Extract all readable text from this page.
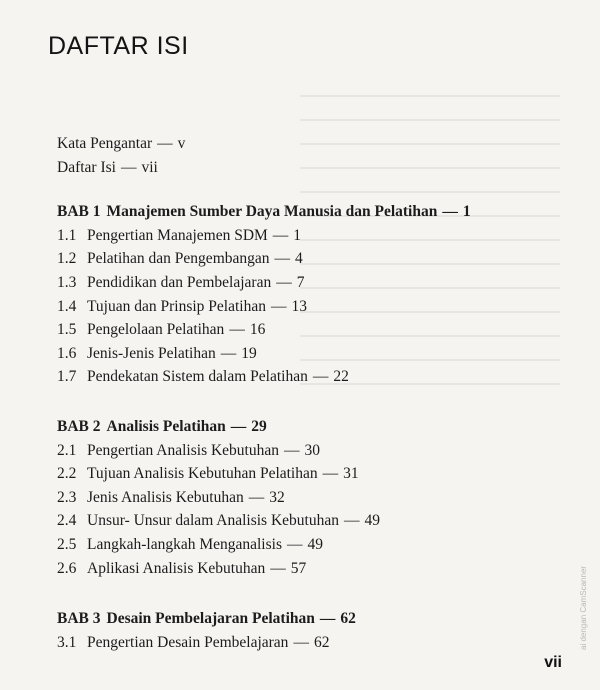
DAFTAR ISI
Kata Pengantar — v
Daftar Isi — vii
BAB 1 Manajemen Sumber Daya Manusia dan Pelatihan — 1
1.1 Pengertian Manajemen SDM — 1
1.2 Pelatihan dan Pengembangan — 4
1.3 Pendidikan dan Pembelajaran — 7
1.4 Tujuan dan Prinsip Pelatihan — 13
1.5 Pengelolaan Pelatihan — 16
1.6 Jenis-Jenis Pelatihan — 19
1.7 Pendekatan Sistem dalam Pelatihan — 22
BAB 2 Analisis Pelatihan — 29
2.1 Pengertian Analisis Kebutuhan — 30
2.2 Tujuan Analisis Kebutuhan Pelatihan — 31
2.3 Jenis Analisis Kebutuhan — 32
2.4 Unsur- Unsur dalam Analisis Kebutuhan — 49
2.5 Langkah-langkah Menganalisis — 49
2.6 Aplikasi Analisis Kebutuhan — 57
BAB 3 Desain Pembelajaran Pelatihan — 62
3.1 Pengertian Desain Pembelajaran — 62
vii
ai dengan CamScanner
